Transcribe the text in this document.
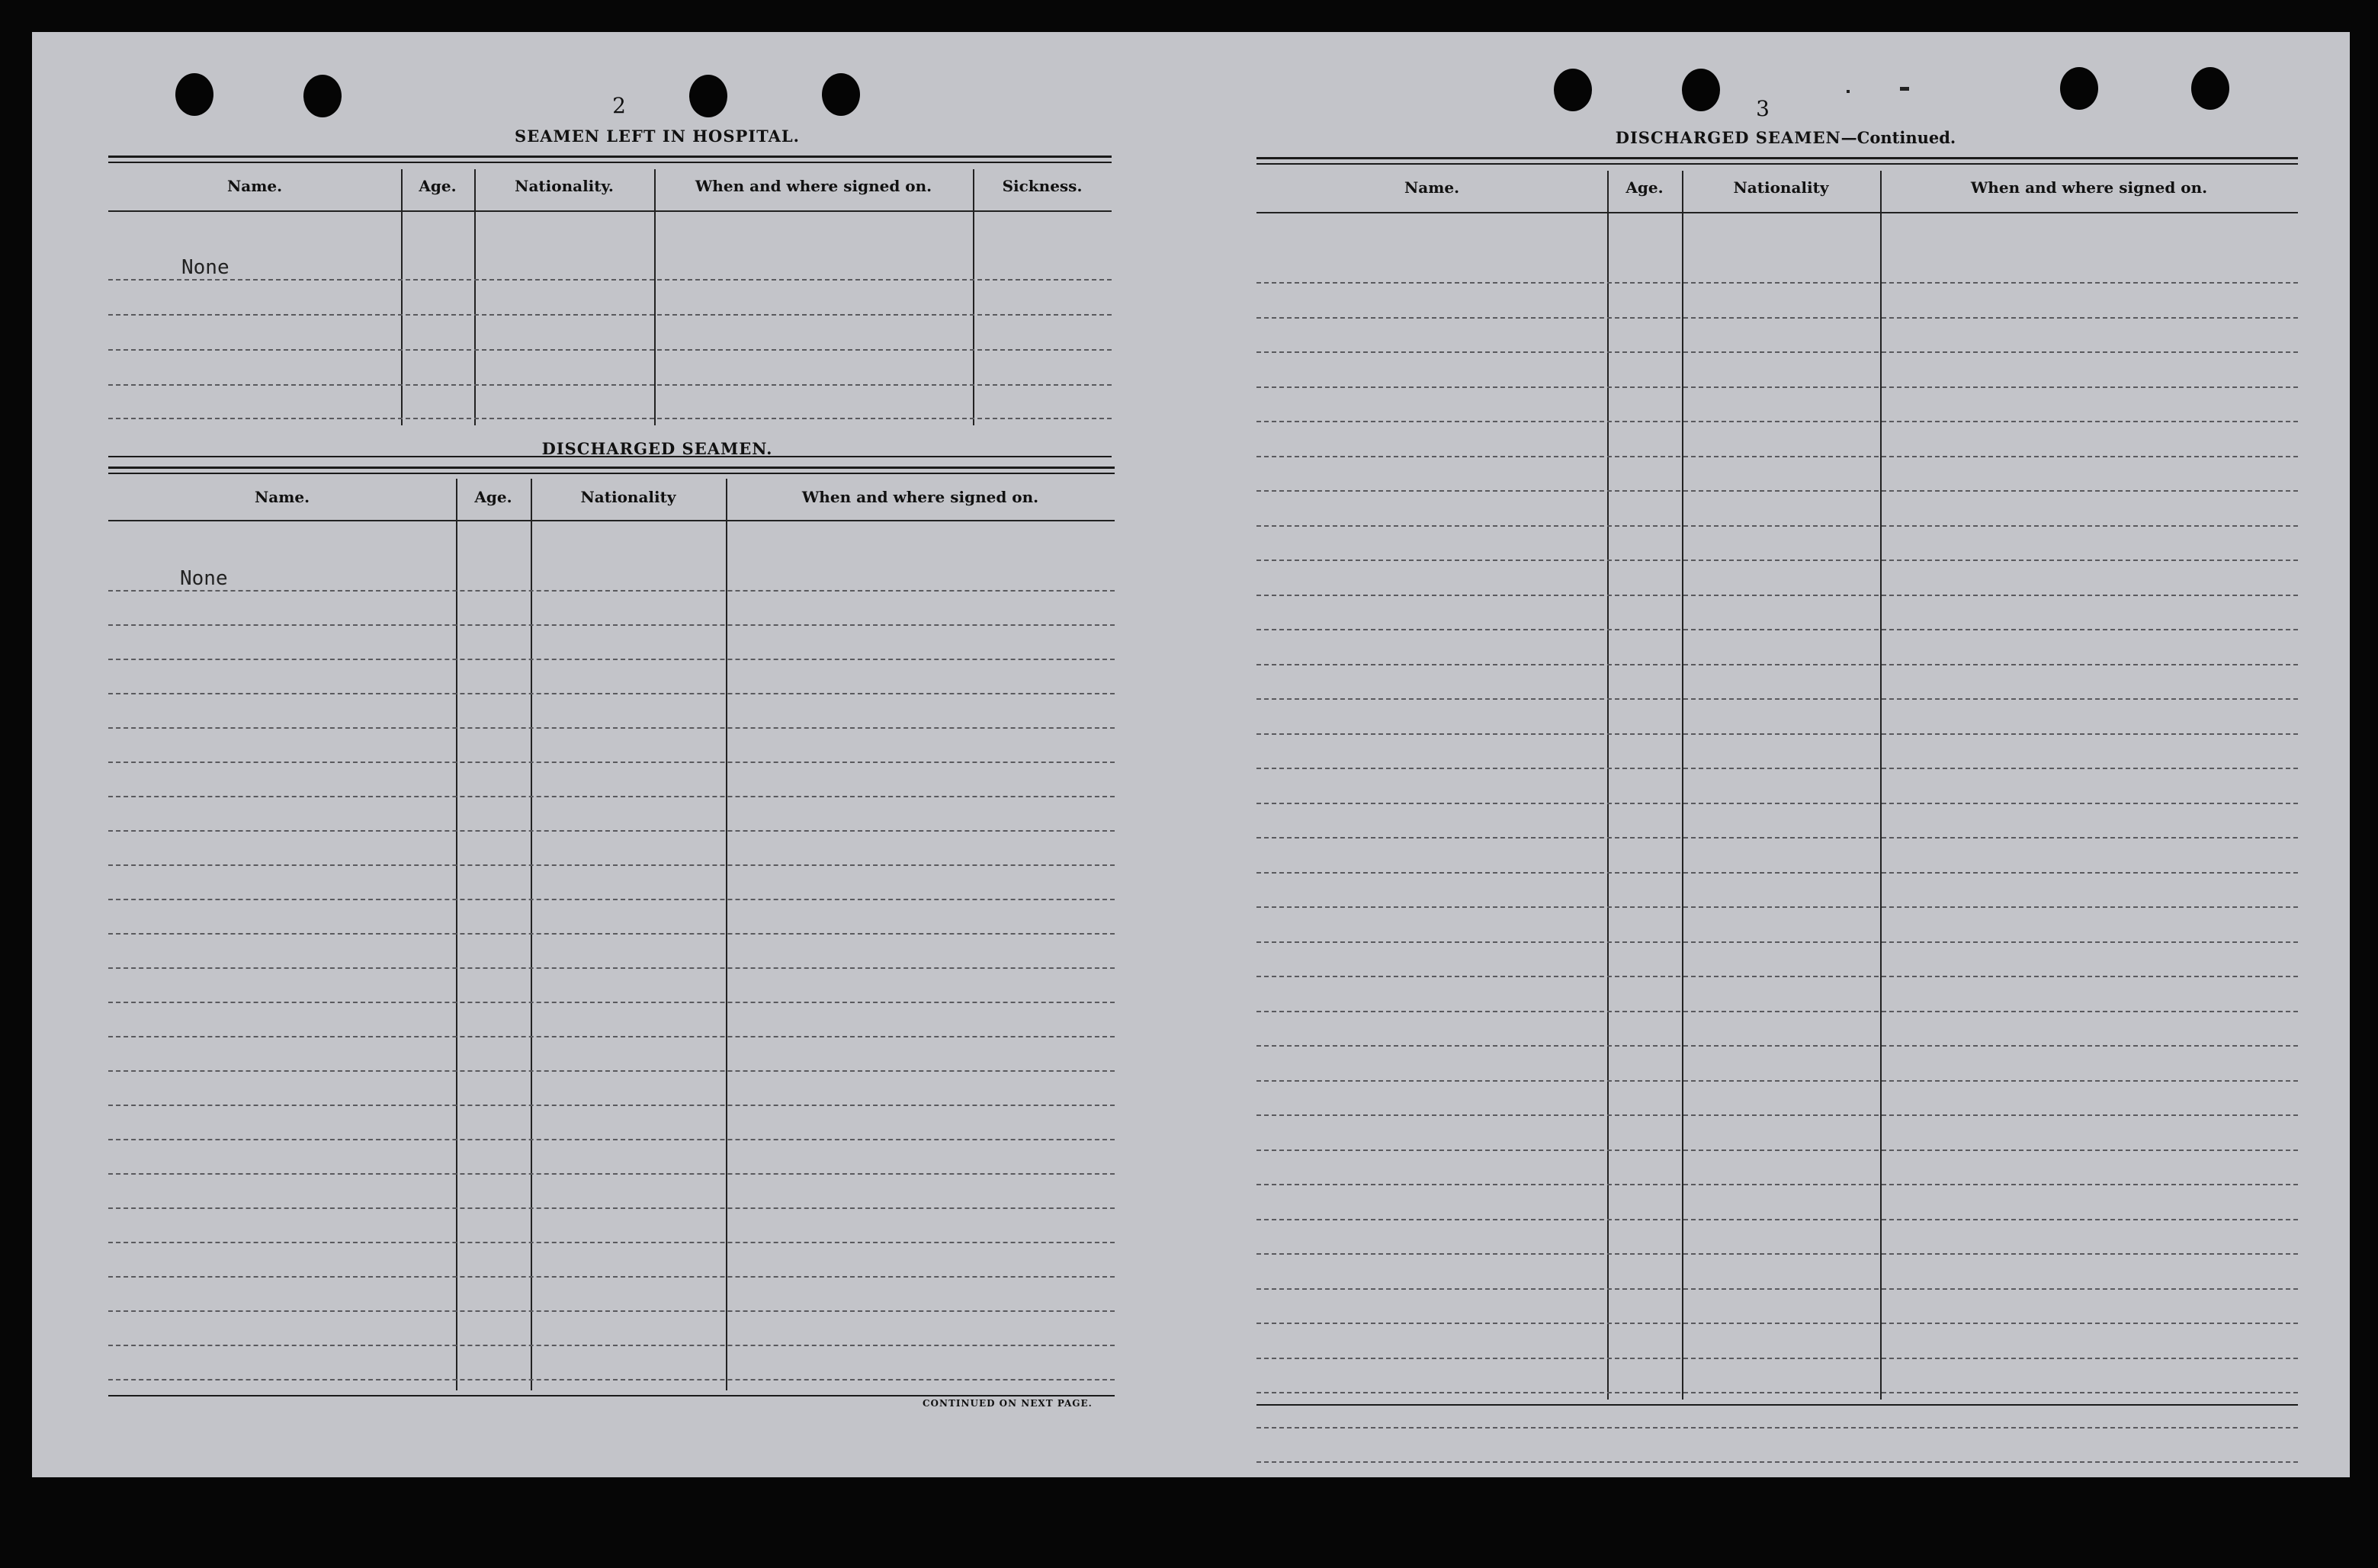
2
SEAMEN LEFT IN HOSPITAL.
Name.	Age.	Nationality.	When and where signed on.	Sickness.
None
DISCHARGED SEAMEN.
Name.	Age.	Nationality	When and where signed on.
None
CONTINUED ON NEXT PAGE.
3
DISCHARGED SEAMEN—Continued.
Name.	Age.	Nationality	When and where signed on.
